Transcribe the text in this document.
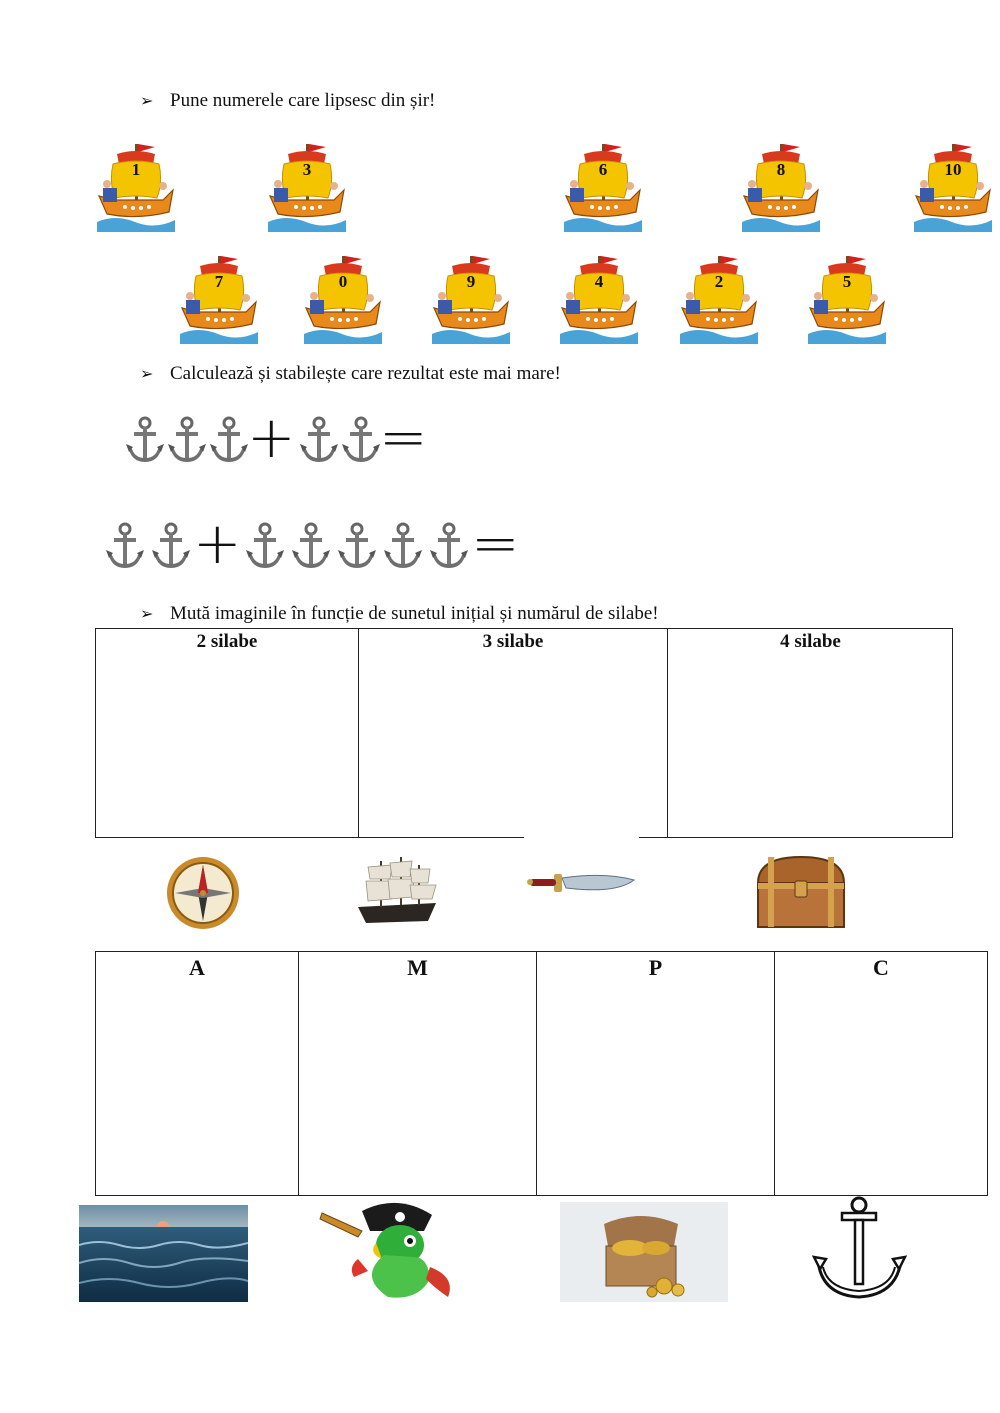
➢ Pune numerele care lipsesc din șir!
1	3	6	8	10
7	0	9	4	2	5
➢ Calculează și stabilește care rezultat este mai mare!
+ =
+	=
➢ Mută imaginile în funcție de sunetul inițial și numărul de silabe!
2 silabe	3 silabe	4 silabe
A	M	P	C
